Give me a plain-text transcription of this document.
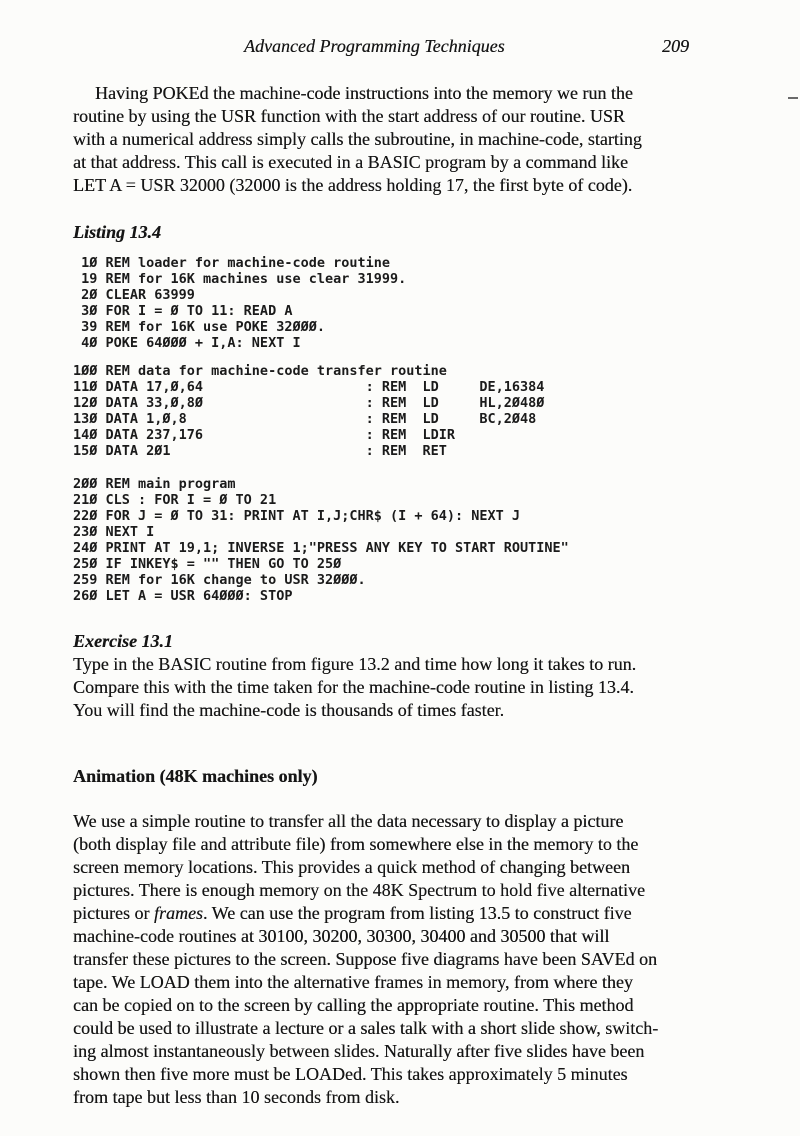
Advanced Programming Techniques	209
Having POKEd the machine-code instructions into the memory we run the
routine by using the USR function with the start address of our routine. USR
with a numerical address simply calls the subroutine, in machine-code, starting
at that address. This call is executed in a BASIC program by a command like
LET A = USR 32000 (32000 is the address holding 17, the first byte of code).
Listing 13.4
1Ø REM loader for machine-code routine
19 REM for 16K machines use clear 31999.
2Ø CLEAR 63999
3Ø FOR I = Ø TO 11: READ A
39 REM for 16K use POKE 32ØØØ.
4Ø POKE 64ØØØ + I,A: NEXT I
1ØØ REM data for machine-code transfer routine
11Ø DATA 17,Ø,64                    : REM  LD     DE,16384
12Ø DATA 33,Ø,8Ø                    : REM  LD     HL,2Ø48Ø
13Ø DATA 1,Ø,8                      : REM  LD     BC,2Ø48
14Ø DATA 237,176                    : REM  LDIR
15Ø DATA 2Ø1                        : REM  RET
2ØØ REM main program
21Ø CLS : FOR I = Ø TO 21
22Ø FOR J = Ø TO 31: PRINT AT I,J;CHR$ (I + 64): NEXT J
23Ø NEXT I
24Ø PRINT AT 19,1; INVERSE 1;"PRESS ANY KEY TO START ROUTINE"
25Ø IF INKEY$ = "" THEN GO TO 25Ø
259 REM for 16K change to USR 32ØØØ.
26Ø LET A = USR 64ØØØ: STOP
Exercise 13.1
Type in the BASIC routine from figure 13.2 and time how long it takes to run.
Compare this with the time taken for the machine-code routine in listing 13.4.
You will find the machine-code is thousands of times faster.
Animation (48K machines only)
We use a simple routine to transfer all the data necessary to display a picture
(both display file and attribute file) from somewhere else in the memory to the
screen memory locations. This provides a quick method of changing between
pictures. There is enough memory on the 48K Spectrum to hold five alternative
pictures or frames. We can use the program from listing 13.5 to construct five
machine-code routines at 30100, 30200, 30300, 30400 and 30500 that will
transfer these pictures to the screen. Suppose five diagrams have been SAVEd on
tape. We LOAD them into the alternative frames in memory, from where they
can be copied on to the screen by calling the appropriate routine. This method
could be used to illustrate a lecture or a sales talk with a short slide show, switch-
ing almost instantaneously between slides. Naturally after five slides have been
shown then five more must be LOADed. This takes approximately 5 minutes
from tape but less than 10 seconds from disk.
